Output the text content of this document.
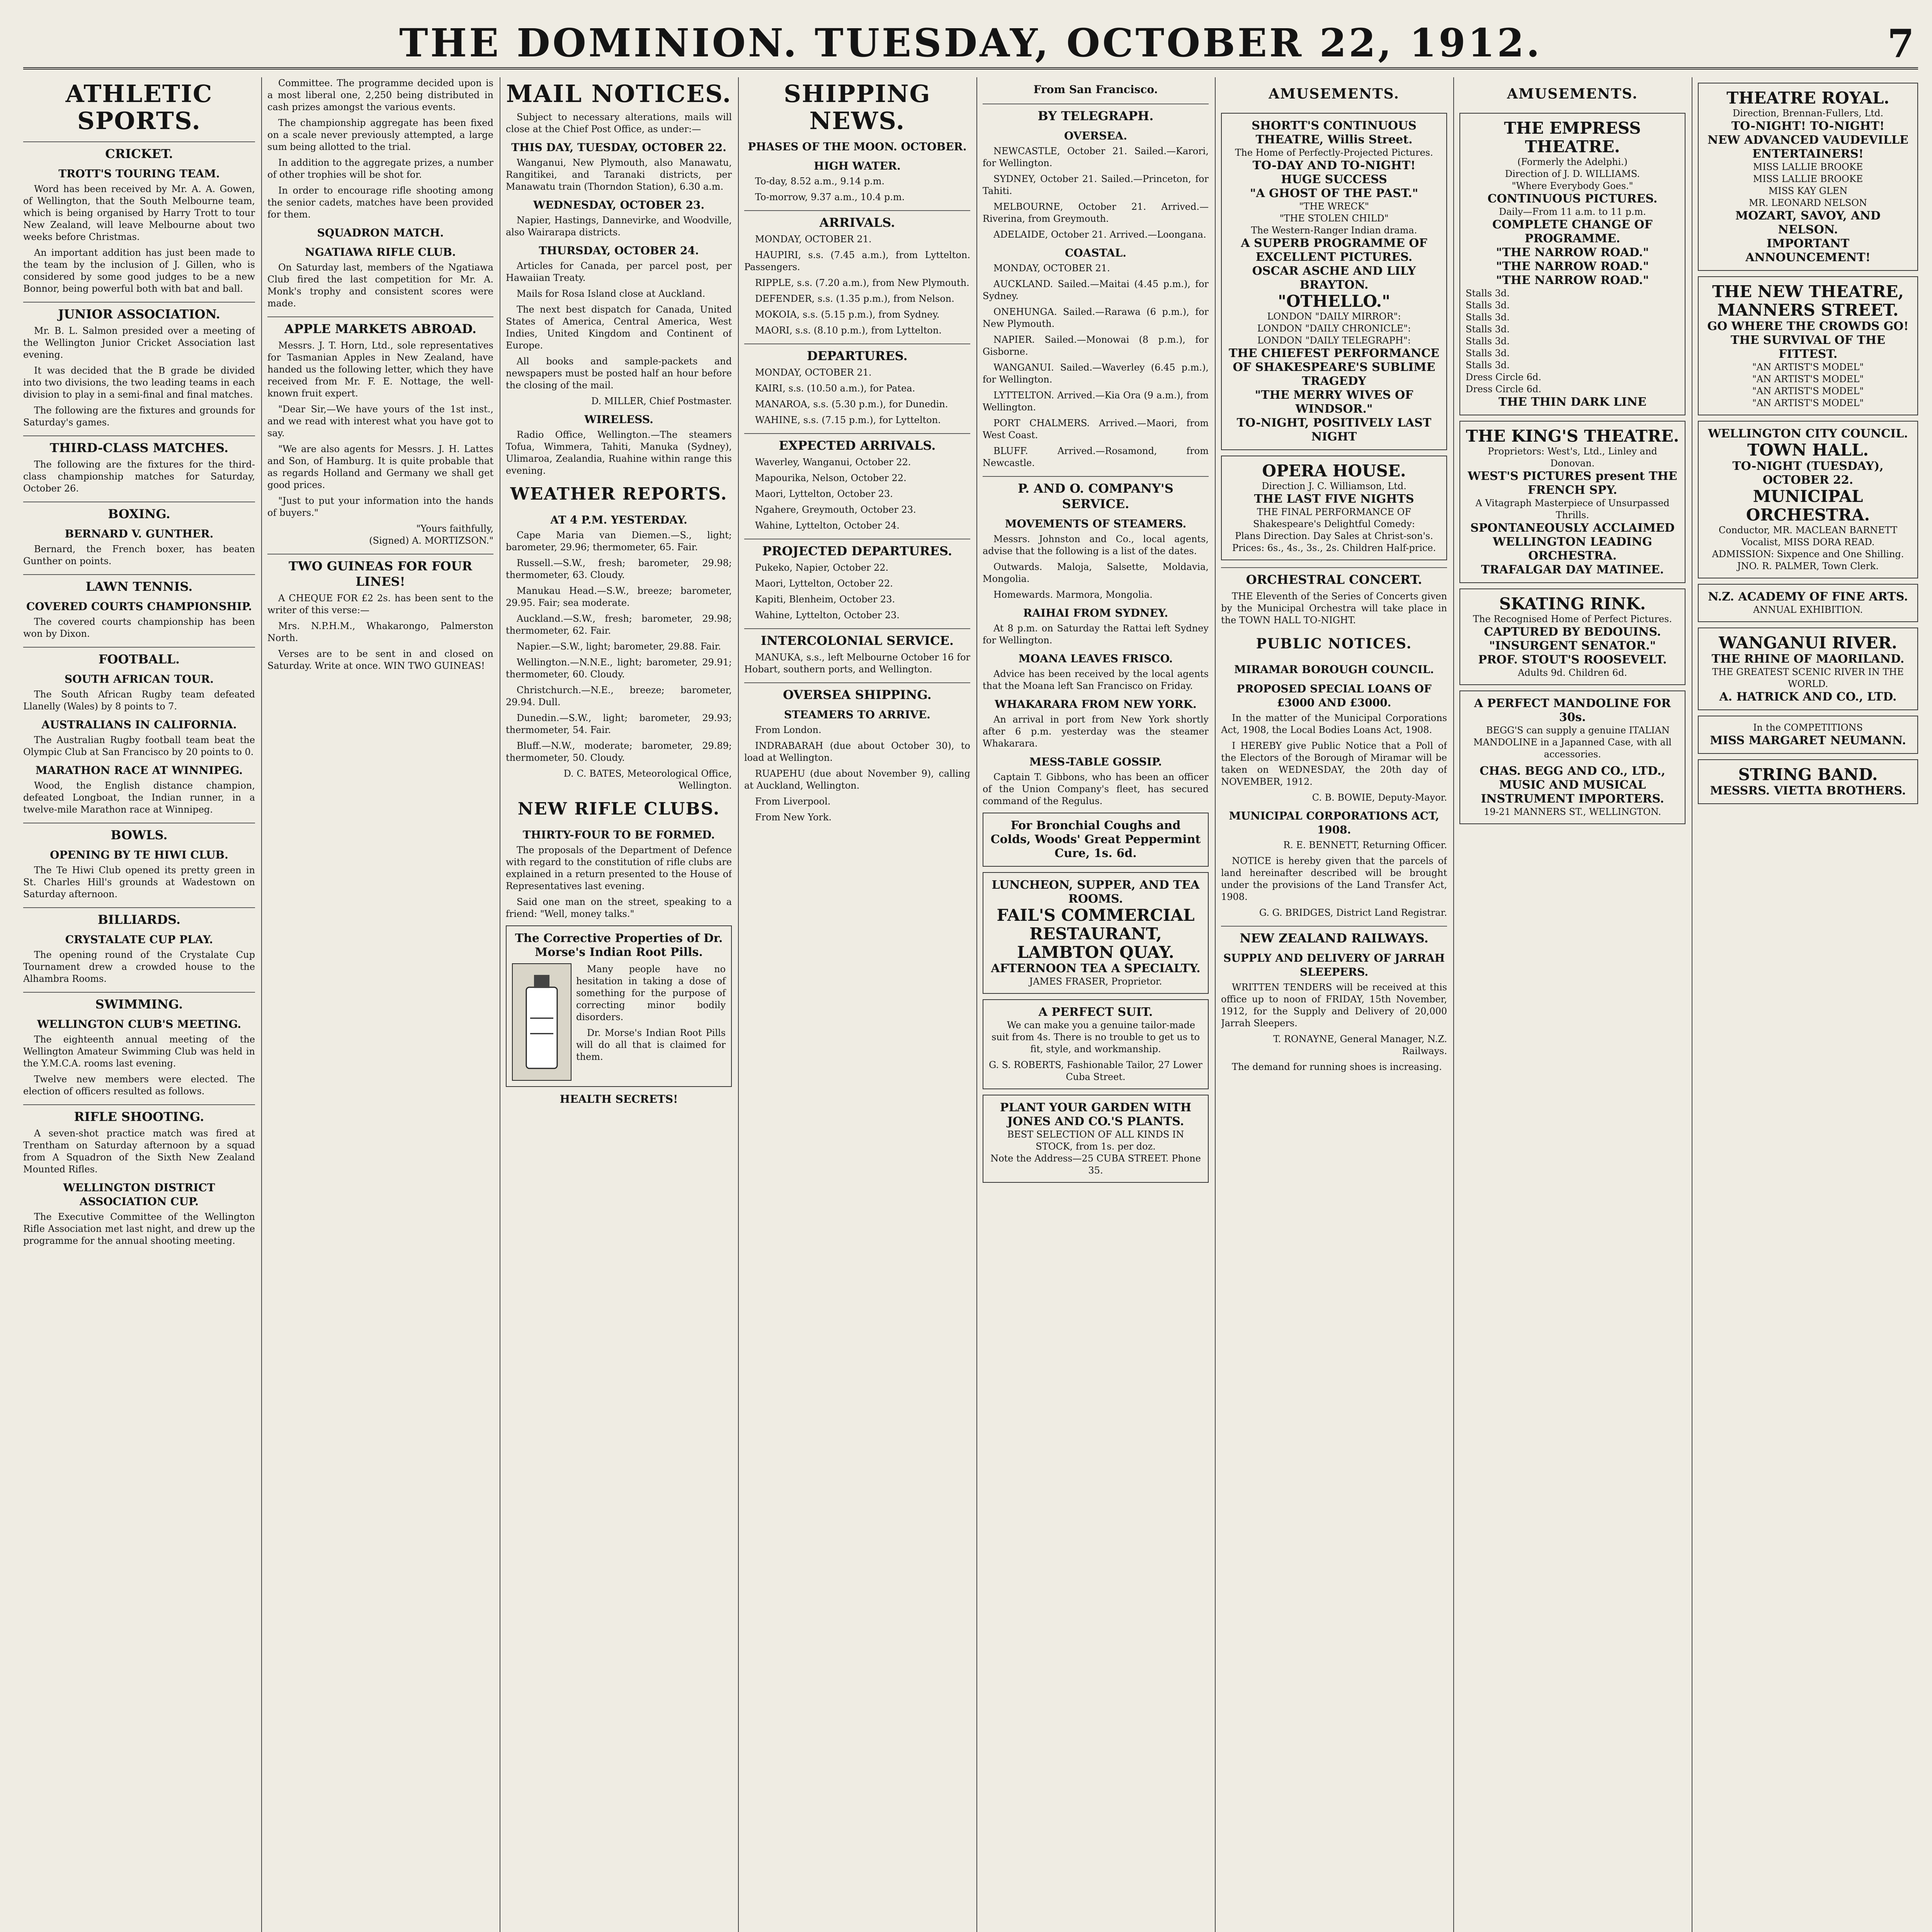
THE DOMINION. TUESDAY, OCTOBER 22, 1912.	7
ATHLETIC SPORTS.
CRICKET.
TROTT'S TOURING TEAM.

Word has been received by Mr. A. A. Gowen, of Wellington, that the South Melbourne team, which is being organised by Harry Trott to tour New Zealand, will leave Melbourne about two weeks before Christmas.

An important addition has just been made to the team by the inclusion of J. Gillen, who is considered by some good judges to be a new Bonnor, being powerful both with bat and ball.

JUNIOR ASSOCIATION.

Mr. B. L. Salmon presided over a meeting of the Wellington Junior Cricket Association last evening.

It was decided that the B grade be divided into two divisions, the two leading teams in each division to play in a semi-final and final matches.

The following are the fixtures and grounds for Saturday's games.

THIRD-CLASS MATCHES.

The following are the fixtures for the third-class championship matches for Saturday, October 26.

BOXING.
BERNARD V. GUNTHER.

Bernard, the French boxer, has beaten Gunther on points.

LAWN TENNIS.
COVERED COURTS CHAMPIONSHIP.

The covered courts championship has been won by Dixon.

FOOTBALL.
SOUTH AFRICAN TOUR.

The South African Rugby team defeated Llanelly (Wales) by 8 points to 7.

AUSTRALIANS IN CALIFORNIA.

The Australian Rugby football team beat the Olympic Club at San Francisco by 20 points to 0.

MARATHON RACE AT WINNIPEG.

Wood, the English distance champion, defeated Longboat, the Indian runner, in a twelve-mile Marathon race at Winnipeg.

BOWLS.
OPENING BY TE HIWI CLUB.

The Te Hiwi Club opened its pretty green in St. Charles Hill's grounds at Wadestown on Saturday afternoon.

BILLIARDS.
CRYSTALATE CUP PLAY.

The opening round of the Crystalate Cup Tournament drew a crowded house to the Alhambra Rooms.

SWIMMING.
WELLINGTON CLUB'S MEETING.

The eighteenth annual meeting of the Wellington Amateur Swimming Club was held in the Y.M.C.A. rooms last evening.

Twelve new members were elected. The election of officers resulted as follows.

RIFLE SHOOTING.

A seven-shot practice match was fired at Trentham on Saturday afternoon by a squad from A Squadron of the Sixth New Zealand Mounted Rifles.

WELLINGTON DISTRICT ASSOCIATION CUP.

The Executive Committee of the Wellington Rifle Association met last night, and drew up the programme for the annual shooting meeting.

Committee. The programme decided upon is a most liberal one, 2,250 being distributed in cash prizes amongst the various events.

The championship aggregate has been fixed on a scale never previously attempted, a large sum being allotted to the trial.

In addition to the aggregate prizes, a number of other trophies will be shot for.

In order to encourage rifle shooting among the senior cadets, matches have been provided for them.

SQUADRON MATCH.
NGATIAWA RIFLE CLUB.

On Saturday last, members of the Ngatiawa Club fired the last competition for Mr. A. Monk's trophy and consistent scores were made.

APPLE MARKETS ABROAD.

Messrs. J. T. Horn, Ltd., sole representatives for Tasmanian Apples in New Zealand, have handed us the following letter, which they have received from Mr. F. E. Nottage, the well-known fruit expert.

"Dear Sir,—We have yours of the 1st inst., and we read with interest what you have got to say.

"We are also agents for Messrs. J. H. Lattes and Son, of Hamburg. It is quite probable that as regards Holland and Germany we shall get good prices.

"Just to put your information into the hands of buyers."

"Yours faithfully,
(Signed) A. MORTIZSON."

TWO GUINEAS FOR FOUR LINES!

A CHEQUE FOR £2 2s. has been sent to the writer of this verse:—

Mrs. N.P.H.M., Whakarongo, Palmerston North.

Verses are to be sent in and closed on Saturday. Write at once. WIN TWO GUINEAS!

MAIL NOTICES.

Subject to necessary alterations, mails will close at the Chief Post Office, as under:—

THIS DAY, TUESDAY, OCTOBER 22.

Wanganui, New Plymouth, also Manawatu, Rangitikei, and Taranaki districts, per Manawatu train (Thorndon Station), 6.30 a.m.

WEDNESDAY, OCTOBER 23.

Napier, Hastings, Dannevirke, and Woodville, also Wairarapa districts.

THURSDAY, OCTOBER 24.

Articles for Canada, per parcel post, per Hawaiian Treaty.

Mails for Rosa Island close at Auckland.

The next best dispatch for Canada, United States of America, Central America, West Indies, United Kingdom and Continent of Europe.

All books and sample-packets and newspapers must be posted half an hour before the closing of the mail.

D. MILLER, Chief Postmaster.

WIRELESS.

Radio Office, Wellington.—The steamers Tofua, Wimmera, Tahiti, Manuka (Sydney), Ulimaroa, Zealandia, Ruahine within range this evening.

WEATHER REPORTS.
AT 4 P.M. YESTERDAY.

Cape Maria van Diemen.—S., light; barometer, 29.96; thermometer, 65. Fair.

Russell.—S.W., fresh; barometer, 29.98; thermometer, 63. Cloudy.

Manukau Head.—S.W., breeze; barometer, 29.95. Fair; sea moderate.

Auckland.—S.W., fresh; barometer, 29.98; thermometer, 62. Fair.

Napier.—S.W., light; barometer, 29.88. Fair.

Wellington.—N.N.E., light; barometer, 29.91; thermometer, 60. Cloudy.

Christchurch.—N.E., breeze; barometer, 29.94. Dull.

Dunedin.—S.W., light; barometer, 29.93; thermometer, 54. Fair.

Bluff.—N.W., moderate; barometer, 29.89; thermometer, 50. Cloudy.

D. C. BATES, Meteorological Office, Wellington.

NEW RIFLE CLUBS.
THIRTY-FOUR TO BE FORMED.

The proposals of the Department of Defence with regard to the constitution of rifle clubs are explained in a return presented to the House of Representatives last evening.

Said one man on the street, speaking to a friend: "Well, money talks."

The Corrective Properties of Dr. Morse's Indian Root Pills.

Many people have no hesitation in taking a dose of something for the purpose of correcting minor bodily disorders.

Dr. Morse's Indian Root Pills will do all that is claimed for them.

HEALTH SECRETS!
SHIPPING NEWS.
PHASES OF THE MOON. OCTOBER.
HIGH WATER.

To-day, 8.52 a.m., 9.14 p.m.

To-morrow, 9.37 a.m., 10.4 p.m.

ARRIVALS.

MONDAY, OCTOBER 21.

HAUPIRI, s.s. (7.45 a.m.), from Lyttelton. Passengers.

RIPPLE, s.s. (7.20 a.m.), from New Plymouth.

DEFENDER, s.s. (1.35 p.m.), from Nelson.

MOKOIA, s.s. (5.15 p.m.), from Sydney.

MAORI, s.s. (8.10 p.m.), from Lyttelton.

DEPARTURES.

MONDAY, OCTOBER 21.

KAIRI, s.s. (10.50 a.m.), for Patea.

MANAROA, s.s. (5.30 p.m.), for Dunedin.

WAHINE, s.s. (7.15 p.m.), for Lyttelton.

EXPECTED ARRIVALS.

Waverley, Wanganui, October 22.

Mapourika, Nelson, October 22.

Maori, Lyttelton, October 23.

Ngahere, Greymouth, October 23.

Wahine, Lyttelton, October 24.

PROJECTED DEPARTURES.

Pukeko, Napier, October 22.

Maori, Lyttelton, October 22.

Kapiti, Blenheim, October 23.

Wahine, Lyttelton, October 23.

INTERCOLONIAL SERVICE.

MANUKA, s.s., left Melbourne October 16 for Hobart, southern ports, and Wellington.

OVERSEA SHIPPING.
STEAMERS TO ARRIVE.

From London.

INDRABARAH (due about October 30), to load at Wellington.

RUAPEHU (due about November 9), calling at Auckland, Wellington.

From Liverpool.

From New York.

From San Francisco.
BY TELEGRAPH.
OVERSEA.

NEWCASTLE, October 21. Sailed.—Karori, for Wellington.

SYDNEY, October 21. Sailed.—Princeton, for Tahiti.

MELBOURNE, October 21. Arrived.—Riverina, from Greymouth.

ADELAIDE, October 21. Arrived.—Loongana.

COASTAL.

MONDAY, OCTOBER 21.

AUCKLAND. Sailed.—Maitai (4.45 p.m.), for Sydney.

ONEHUNGA. Sailed.—Rarawa (6 p.m.), for New Plymouth.

NAPIER. Sailed.—Monowai (8 p.m.), for Gisborne.

WANGANUI. Sailed.—Waverley (6.45 p.m.), for Wellington.

LYTTELTON. Arrived.—Kia Ora (9 a.m.), from Wellington.

PORT CHALMERS. Arrived.—Maori, from West Coast.

BLUFF. Arrived.—Rosamond, from Newcastle.

P. AND O. COMPANY'S SERVICE.
MOVEMENTS OF STEAMERS.

Messrs. Johnston and Co., local agents, advise that the following is a list of the dates.

Outwards. Maloja, Salsette, Moldavia, Mongolia.

Homewards. Marmora, Mongolia.

RAIHAI FROM SYDNEY.

At 8 p.m. on Saturday the Rattai left Sydney for Wellington.

MOANA LEAVES FRISCO.

Advice has been received by the local agents that the Moana left San Francisco on Friday.

WHAKARARA FROM NEW YORK.

An arrival in port from New York shortly after 6 p.m. yesterday was the steamer Whakarara.

MESS-TABLE GOSSIP.

Captain T. Gibbons, who has been an officer of the Union Company's fleet, has secured command of the Regulus.

For Bronchial Coughs and Colds, Woods' Great Peppermint Cure, 1s. 6d.
LUNCHEON, SUPPER, AND TEA ROOMS.
FAIL'S COMMERCIAL RESTAURANT, LAMBTON QUAY.
AFTERNOON TEA A SPECIALTY.
JAMES FRASER, Proprietor.
A PERFECT SUIT.

We can make you a genuine tailor-made suit from 4s. There is no trouble to get us to fit, style, and workmanship.

G. S. ROBERTS, Fashionable Tailor, 27 Lower Cuba Street.
PLANT YOUR GARDEN WITH JONES AND CO.'S PLANTS.
BEST SELECTION OF ALL KINDS IN STOCK, from 1s. per doz.
Note the Address—25 CUBA STREET. Phone 35.
AMUSEMENTS.
SHORTT'S CONTINUOUS THEATRE, Willis Street.
The Home of Perfectly-Projected Pictures.
TO-DAY AND TO-NIGHT!
HUGE SUCCESS
"A GHOST OF THE PAST."
"THE WRECK"
"THE STOLEN CHILD"
The Western-Ranger Indian drama.
A SUPERB PROGRAMME OF EXCELLENT PICTURES.
OSCAR ASCHE AND LILY BRAYTON.
"OTHELLO."
LONDON "DAILY MIRROR":
LONDON "DAILY CHRONICLE":
LONDON "DAILY TELEGRAPH":
THE CHIEFEST PERFORMANCE OF SHAKESPEARE'S SUBLIME TRAGEDY
"THE MERRY WIVES OF WINDSOR."
TO-NIGHT, POSITIVELY LAST NIGHT
OPERA HOUSE.
Direction J. C. Williamson, Ltd.
THE LAST FIVE NIGHTS
THE FINAL PERFORMANCE OF Shakespeare's Delightful Comedy:
Plans Direction. Day Sales at Christ-son's. Prices: 6s., 4s., 3s., 2s. Children Half-price.
ORCHESTRAL CONCERT.

THE Eleventh of the Series of Concerts given by the Municipal Orchestra will take place in the TOWN HALL TO-NIGHT.

PUBLIC NOTICES.
MIRAMAR BOROUGH COUNCIL.
PROPOSED SPECIAL LOANS OF £3000 AND £3000.

In the matter of the Municipal Corporations Act, 1908, the Local Bodies Loans Act, 1908.

I HEREBY give Public Notice that a Poll of the Electors of the Borough of Miramar will be taken on WEDNESDAY, the 20th day of NOVEMBER, 1912.

C. B. BOWIE, Deputy-Mayor.

MUNICIPAL CORPORATIONS ACT, 1908.

R. E. BENNETT, Returning Officer.

NOTICE is hereby given that the parcels of land hereinafter described will be brought under the provisions of the Land Transfer Act, 1908.

G. G. BRIDGES, District Land Registrar.

NEW ZEALAND RAILWAYS.
SUPPLY AND DELIVERY OF JARRAH SLEEPERS.

WRITTEN TENDERS will be received at this office up to noon of FRIDAY, 15th November, 1912, for the Supply and Delivery of 20,000 Jarrah Sleepers.

T. RONAYNE, General Manager, N.Z. Railways.

The demand for running shoes is increasing.

AMUSEMENTS.
THE EMPRESS THEATRE.
(Formerly the Adelphi.)
Direction of J. D. WILLIAMS.
"Where Everybody Goes."
CONTINUOUS PICTURES.
Daily—From 11 a.m. to 11 p.m.
COMPLETE CHANGE OF PROGRAMME.
"THE NARROW ROAD."
"THE NARROW ROAD."
"THE NARROW ROAD."
Stalls 3d.
Stalls 3d.
Stalls 3d.
Stalls 3d.
Stalls 3d.
Stalls 3d.
Stalls 3d.
Dress Circle 6d.
Dress Circle 6d.
THE THIN DARK LINE
THE KING'S THEATRE.
Proprietors: West's, Ltd., Linley and Donovan.
WEST'S PICTURES present THE FRENCH SPY.
A Vitagraph Masterpiece of Unsurpassed Thrills.
SPONTANEOUSLY ACCLAIMED
WELLINGTON LEADING ORCHESTRA.
TRAFALGAR DAY MATINEE.
SKATING RINK.
The Recognised Home of Perfect Pictures.
CAPTURED BY BEDOUINS.
"INSURGENT SENATOR."
PROF. STOUT'S ROOSEVELT.
Adults 9d. Children 6d.
A PERFECT MANDOLINE FOR 30s.

BEGG'S can supply a genuine ITALIAN MANDOLINE in a Japanned Case, with all accessories.

CHAS. BEGG AND CO., LTD., MUSIC AND MUSICAL INSTRUMENT IMPORTERS.
19-21 MANNERS ST., WELLINGTON.
THEATRE ROYAL.
Direction, Brennan-Fullers, Ltd.
TO-NIGHT! TO-NIGHT!
NEW ADVANCED VAUDEVILLE ENTERTAINERS!
MISS LALLIE BROOKE
MISS LALLIE BROOKE
MISS KAY GLEN
MR. LEONARD NELSON
MOZART, SAVOY, AND NELSON.
IMPORTANT ANNOUNCEMENT!
THE NEW THEATRE, MANNERS STREET.
GO WHERE THE CROWDS GO!
THE SURVIVAL OF THE FITTEST.
"AN ARTIST'S MODEL"
"AN ARTIST'S MODEL"
"AN ARTIST'S MODEL"
"AN ARTIST'S MODEL"
WELLINGTON CITY COUNCIL.
TOWN HALL.
TO-NIGHT (TUESDAY), OCTOBER 22.
MUNICIPAL ORCHESTRA.
Conductor, MR. MACLEAN BARNETT
Vocalist, MISS DORA READ.
ADMISSION: Sixpence and One Shilling.
JNO. R. PALMER, Town Clerk.
N.Z. ACADEMY OF FINE ARTS.
ANNUAL EXHIBITION.
WANGANUI RIVER.
THE RHINE OF MAORILAND.
THE GREATEST SCENIC RIVER IN THE WORLD.
A. HATRICK AND CO., LTD.
In the COMPETITIONS
MISS MARGARET NEUMANN.
STRING BAND.
MESSRS. VIETTA BROTHERS.
